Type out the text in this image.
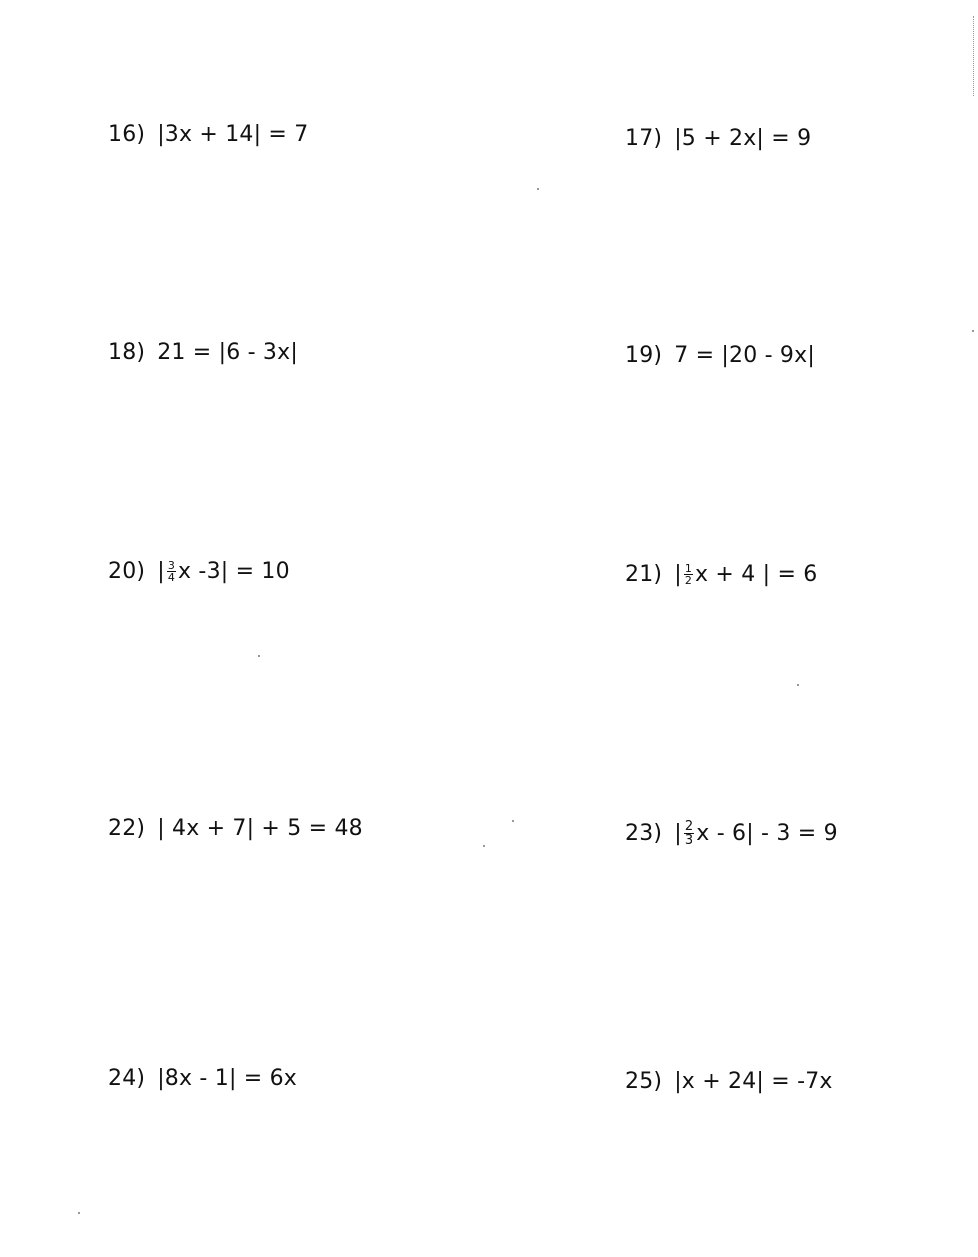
16) |3x + 14| = 7	17) |5 + 2x| = 9
18) 21 = |6 - 3x|	19) 7 = |20 - 9x|
20) | $\frac{3}{4}$ x -3| = 10	21) | $\frac{1}{2}$ x + 4 | = 6
22) | 4x + 7| + 5 = 48	23) | $\frac{2}{3}$ x - 6| - 3 = 9
24) |8x - 1| = 6x	25) |x + 24| = -7x
